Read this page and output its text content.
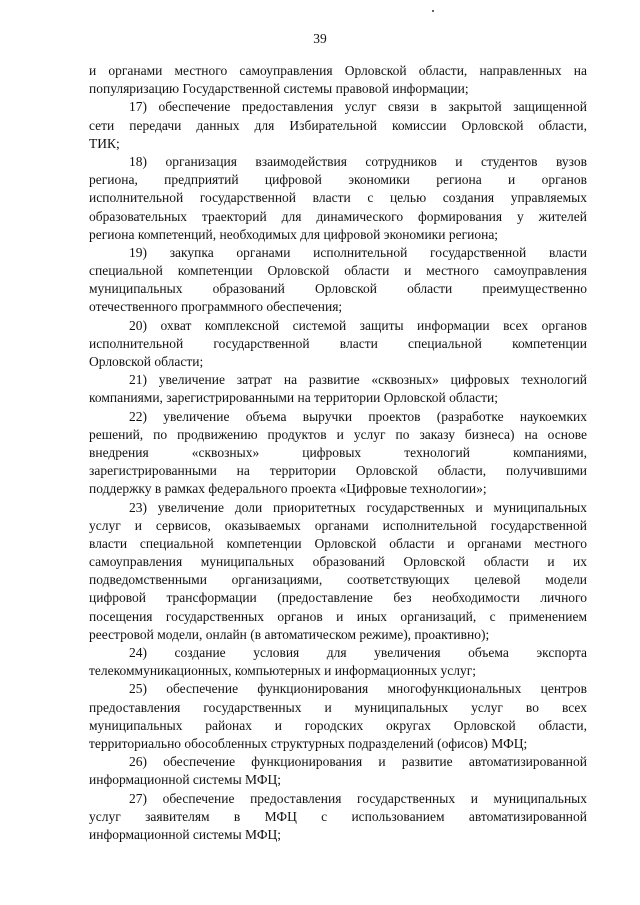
39
и органами местного самоуправления Орловской области, направленных на
популяризацию Государственной системы правовой информации;
17) обеспечение предоставления услуг связи в закрытой защищенной
сети передачи данных для Избирательной комиссии Орловской области,
ТИК;
18) организация взаимодействия сотрудников и студентов вузов
региона, предприятий цифровой экономики региона и органов
исполнительной государственной власти с целью создания управляемых
образовательных траекторий для динамического формирования у жителей
региона компетенций, необходимых для цифровой экономики региона;
19) закупка органами исполнительной государственной власти
специальной компетенции Орловской области и местного самоуправления
муниципальных образований Орловской области преимущественно
отечественного программного обеспечения;
20) охват комплексной системой защиты информации всех органов
исполнительной государственной власти специальной компетенции
Орловской области;
21) увеличение затрат на развитие «сквозных» цифровых технологий
компаниями, зарегистрированными на территории Орловской области;
22) увеличение объема выручки проектов (разработке наукоемких
решений, по продвижению продуктов и услуг по заказу бизнеса) на основе
внедрения «сквозных» цифровых технологий компаниями,
зарегистрированными на территории Орловской области, получившими
поддержку в рамках федерального проекта «Цифровые технологии»;
23) увеличение доли приоритетных государственных и муниципальных
услуг и сервисов, оказываемых органами исполнительной государственной
власти специальной компетенции Орловской области и органами местного
самоуправления муниципальных образований Орловской области и их
подведомственными организациями, соответствующих целевой модели
цифровой трансформации (предоставление без необходимости личного
посещения государственных органов и иных организаций, с применением
реестровой модели, онлайн (в автоматическом режиме), проактивно);
24) создание условия для увеличения объема экспорта
телекоммуникационных, компьютерных и информационных услуг;
25) обеспечение функционирования многофункциональных центров
предоставления государственных и муниципальных услуг во всех
муниципальных районах и городских округах Орловской области,
территориально обособленных структурных подразделений (офисов) МФЦ;
26) обеспечение функционирования и развитие автоматизированной
информационной системы МФЦ;
27) обеспечение предоставления государственных и муниципальных
услуг заявителям в МФЦ с использованием автоматизированной
информационной системы МФЦ;
